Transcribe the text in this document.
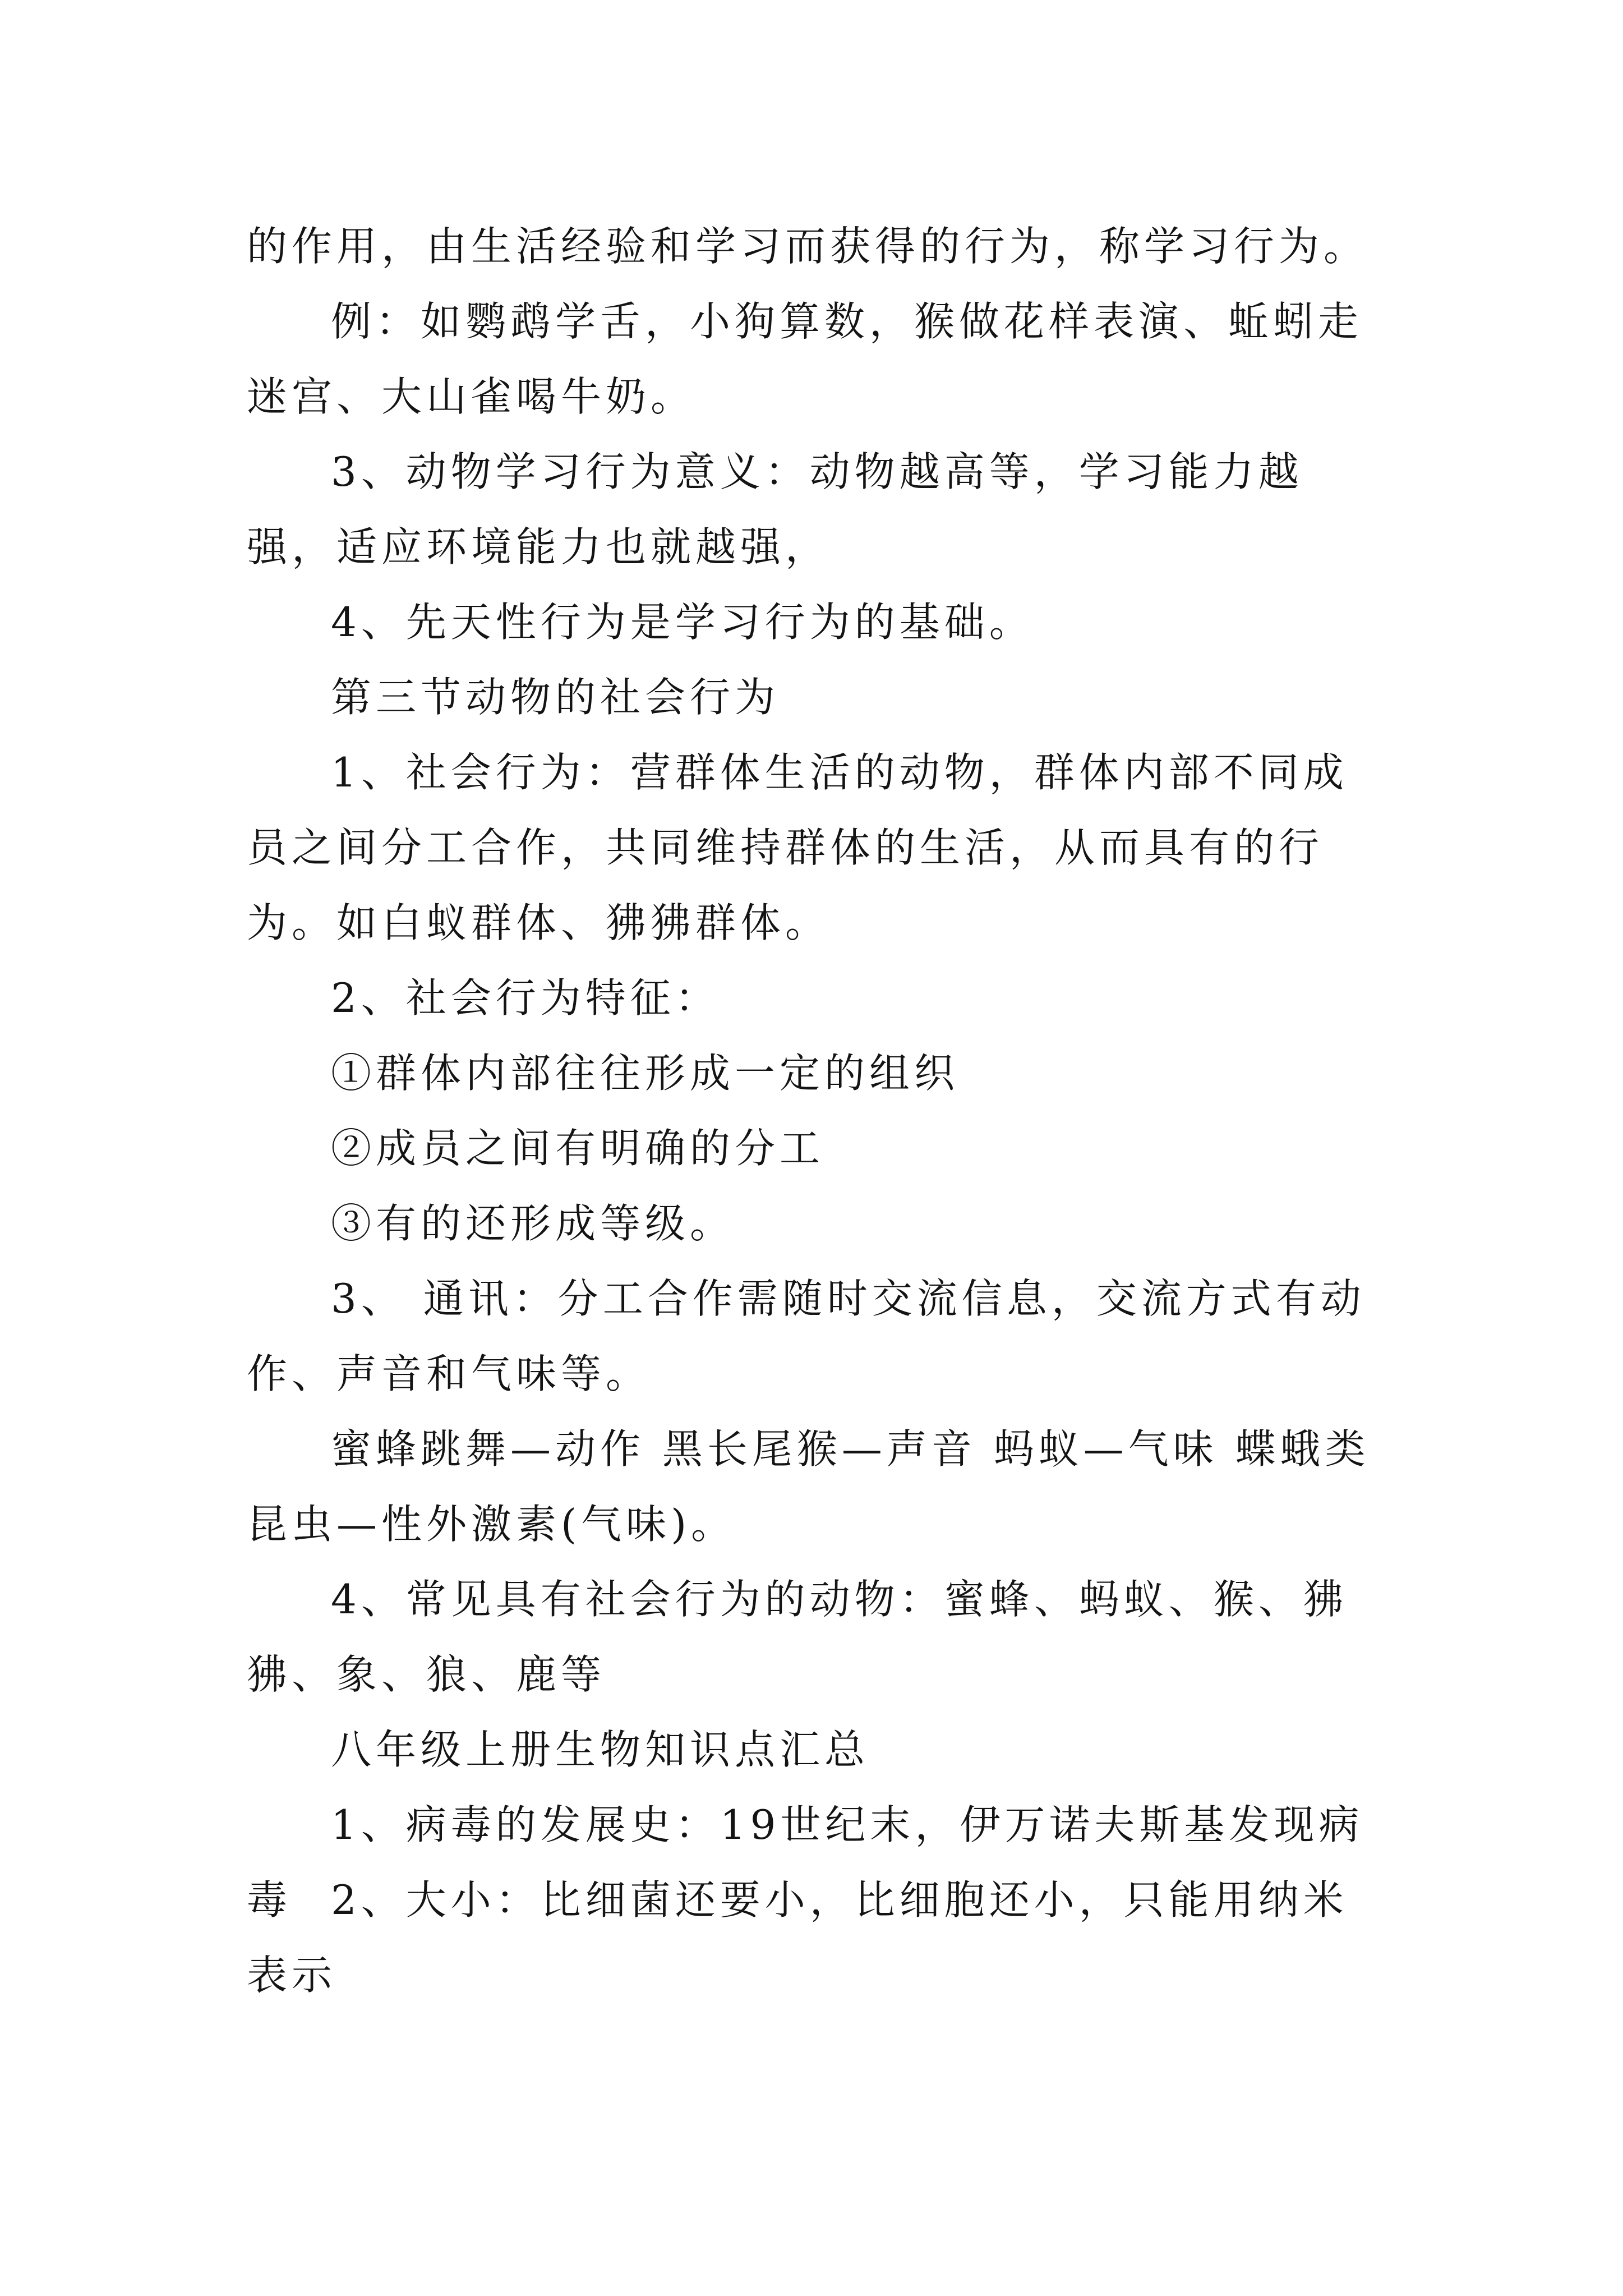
的作用，由生活经验和学习而获得的行为，称学习行为。

例：如鹦鹉学舌，小狗算数，猴做花样表演、蚯蚓走迷宫、大山雀喝牛奶。

3、动物学习行为意义：动物越高等，学习能力越强，适应环境能力也就越强，

4、先天性行为是学习行为的基础。

第三节动物的社会行为

1、社会行为：营群体生活的动物，群体内部不同成员之间分工合作，共同维持群体的生活，从而具有的行为。如白蚁群体、狒狒群体。

2、社会行为特征：

①群体内部往往形成一定的组织

②成员之间有明确的分工

③有的还形成等级。

3、 通讯：分工合作需随时交流信息，交流方式有动作、声音和气味等。

蜜蜂跳舞—动作 黑长尾猴—声音 蚂蚁—气味 蝶蛾类昆虫—性外激素(气味)。

4、常见具有社会行为的动物：蜜蜂、蚂蚁、猴、狒狒、象、狼、鹿等

八年级上册生物知识点汇总

1、病毒的发展史：19世纪末，伊万诺夫斯基发现病毒 2、大小：比细菌还要小，比细胞还小，只能用纳米表示
